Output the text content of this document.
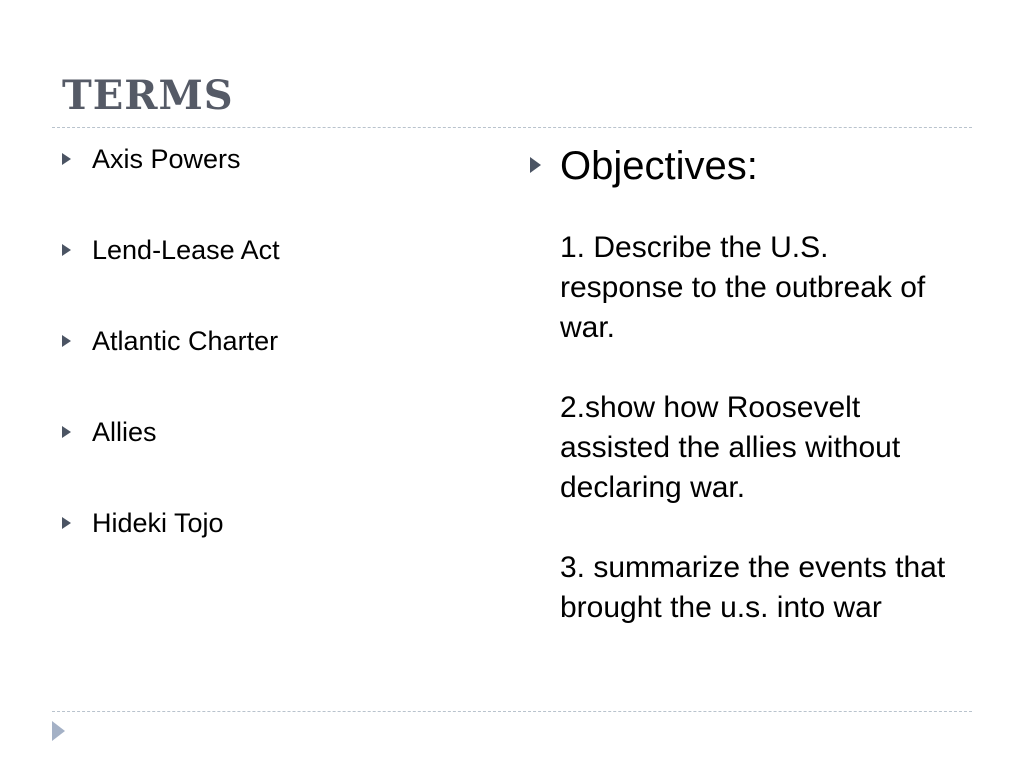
TERMS
Axis Powers
Lend-Lease Act
Atlantic Charter
Allies
Hideki Tojo
Objectives:
1. Describe the U.S. response to the outbreak of war.
2.show how Roosevelt assisted the allies without declaring war.
3. summarize the events that brought the u.s. into war
